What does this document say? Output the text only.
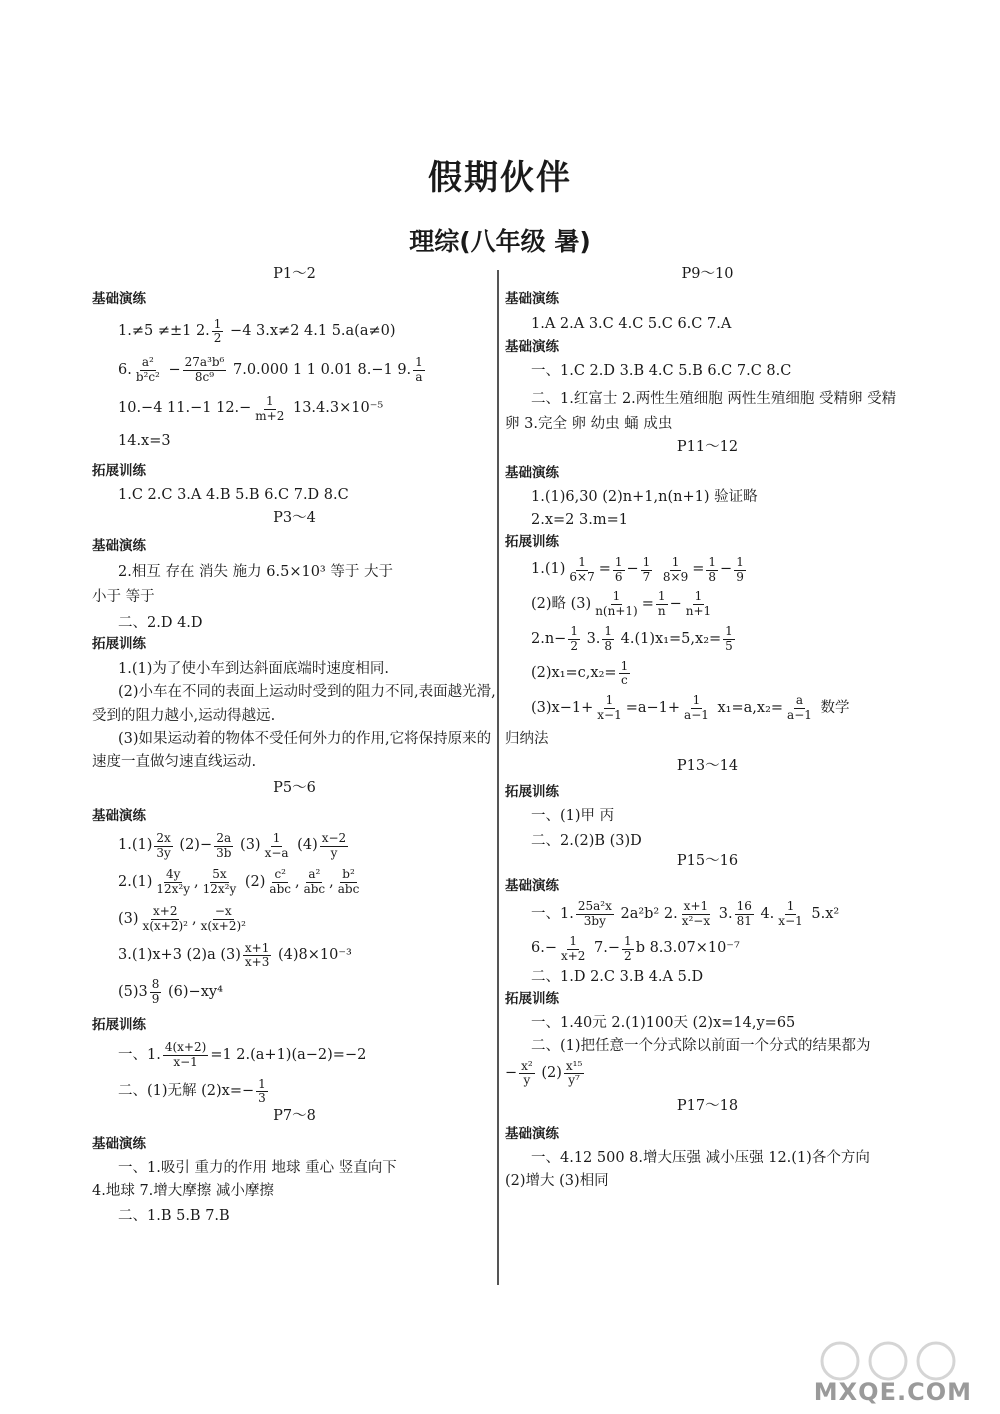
假期伙伴
理综(八年级 暑)

P1～2

基础演练

1.≠5 ≠±1 2. $\frac{1}{2} -4$ 3.x≠2 4.1 5.a(a≠0)

6. $\frac{\text{a²}}{\text{b²c²}} - \frac{\text{27a³b⁶}}{\text{8c⁹}} 7.0.000$ 1 1 0.01 8.−1 9. $\frac{1}{a}$

10.−4 11.−1 $12.- \frac{1}{m+2} 13.4.3\times 10^{-5}$

14.x=3

拓展训练

1.C 2.C 3.A 4.B 5.B 6.C 7.D 8.C

P3～4

基础演练

2.相互 存在 消失 施力 6.5×10³ 等于 大于

小于 等于

二、2.D 4.D

拓展训练

1.(1)为了使小车到达斜面底端时速度相同.

(2)小车在不同的表面上运动时受到的阻力不同,表面越光滑,受到的阻力越小,运动得越远.

(3)如果运动着的物体不受任何外力的作用,它将保持原来的速度一直做匀速直线运动.

P5～6

基础演练

$1.(1) \frac{2x}{3y} (2)- \frac{2a}{3b} (3) \frac{1}{x-a} (4) \frac{x-2}{y}$

$2.(1) \frac{4y}{\text{12x²y}}$ , $\frac{5x}{\text{12x²y}} (2) \frac{\text{c²}}{\text{abc}}$ , $\frac{\text{a²}}{\text{abc}}$ , $\frac{\text{b²}}{\text{abc}}$

$(3) \frac{x+2}{\text{x(x+2)²}}$ , $\frac{-x}{\text{x(x+2)²}}$

3.(1)x+3 (2)a $(3) \frac{x+1}{x+3} (4)8\times 10^{-3}$

$(5)3 \frac{8}{9} (6)-xy^4$

拓展训练

一、1. $\frac{4(x+2)}{x-1} =1$ 2.(a+1)(a−2)=−2

二、(1)无解 $(2)x=- \frac{1}{3}$

P7～8

基础演练

一、1.吸引 重力的作用 地球 重心 竖直向下

4.地球 7.增大摩擦 减小摩擦

二、1.B 5.B 7.B

P9～10

基础演练

1.A 2.A 3.C 4.C 5.C 6.C 7.A

基础演练

一、1.C 2.D 3.B 4.C 5.B 6.C 7.C 8.C

二、1.红富士 2.两性生殖细胞 两性生殖细胞 受精卵 受精卵 3.完全 卵 幼虫 蛹 成虫

P11～12

基础演练

1.(1)6,30 (2)n+1,n(n+1) 验证略

2.x=2 3.m=1

拓展训练

$1.(1) \frac{1}{6\times 7} = \frac{1}{6} - \frac{1}{7}$
$\frac{1}{8\times 9} = \frac{1}{8} - \frac{1}{9}$

(2)略 $(3) \frac{1}{n(n+1)} = \frac{1}{n} - \frac{1}{n+1}$

$2.n- \frac{1}{2} 3$. $\frac{1}{8} 4.(1)x_1=5,x_2= \frac{1}{5}$

$(2)x_1=c,x_2= \frac{1}{c}$

$(3)x-1+ \frac{1}{x-1} =a-1+ \frac{1}{a-1} x_1=a,x_2= \frac{a}{a-1}$ 数学

归纳法

P13～14

拓展训练

一、(1)甲 丙

二、2.(2)B (3)D

P15～16

基础演练

一、1. $\frac{\text{25a²x}}{3by} 2a^2b^2$ 2. $\frac{x+1}{\text{x²−x}} 3$. $\frac{16}{81} 4$. $\frac{1}{x-1} 5.x^2$

$6.- \frac{1}{x+2} 7.- \frac{1}{2}$ b 8.3.07×10⁻⁷

二、1.D 2.C 3.B 4.A 5.D

拓展训练

一、1.40元 2.(1)100天 (2)x=14,y=65

二、(1)把任意一个分式除以前面一个分式的结果都为

− $\frac{\text{x²}}{y} (2) \frac{\text{x¹⁵}}{\text{y⁷}}$

P17～18

基础演练

一、4.12 500 8.增大压强 减小压强 12.(1)各个方向

(2)增大 (3)相同

MXQE.COM
